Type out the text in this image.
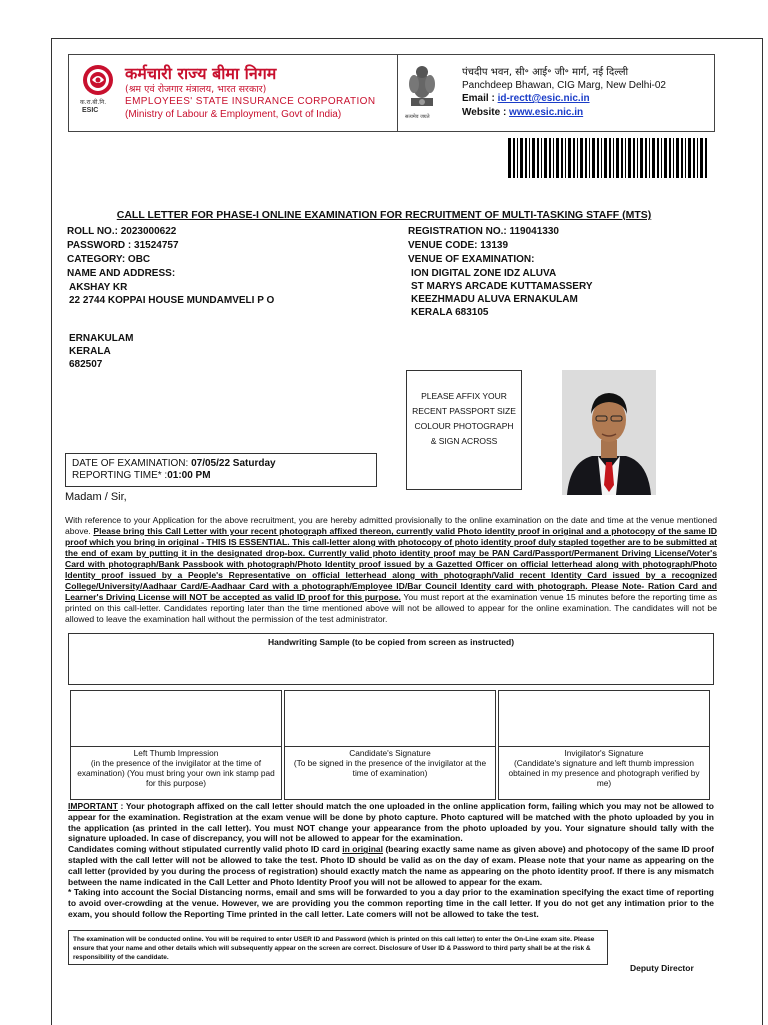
क.रा.बी.नि.
ESIC
कर्मचारी राज्य बीमा निगम
(श्रम एवं रोजगार मंत्रालय, भारत सरकार)
EMPLOYEES' STATE INSURANCE CORPORATION
(Ministry of Labour & Employment, Govt of India)	सत्यमेव जयते
पंचदीप भवन, सी॰ आई॰ जी॰ मार्ग, नई दिल्ली
Panchdeep Bhawan, CIG Marg, New Delhi-02
Email : id-rectt@esic.nic.in
Website : www.esic.nic.in
CALL LETTER FOR PHASE-I ONLINE EXAMINATION FOR RECRUITMENT OF MULTI-TASKING STAFF (MTS)
ROLL NO.: 2023000622
PASSWORD : 31524757
CATEGORY: OBC
NAME AND ADDRESS:
AKSHAY KR
22 2744 KOPPAI HOUSE MUNDAMVELI P O
ERNAKULAM
KERALA
682507
REGISTRATION NO.: 119041330
VENUE CODE: 13139
VENUE OF EXAMINATION:
ION DIGITAL ZONE IDZ ALUVA
ST MARYS ARCADE KUTTAMASSERY
KEEZHMADU ALUVA ERNAKULAM
KERALA 683105
PLEASE AFFIX YOUR
RECENT PASSPORT SIZE
COLOUR PHOTOGRAPH
& SIGN ACROSS
DATE OF EXAMINATION: 07/05/22 Saturday
REPORTING TIME* :01:00 PM
Madam / Sir,
With reference to your Application for the above recruitment, you are hereby admitted provisionally to the online examination on the date and time at the venue mentioned above. Please bring this Call Letter with your recent photograph affixed thereon, currently valid Photo identity proof in original and a photocopy of the same ID proof which you bring in original - THIS IS ESSENTIAL. This call-letter along with photocopy of photo identity proof duly stapled together are to be submitted at the end of exam by putting it in the designated drop-box. Currently valid photo identity proof may be PAN Card/Passport/Permanent Driving License/Voter's Card with photograph/Bank Passbook with photograph/Photo Identity proof issued by a Gazetted Officer on official letterhead along with photograph/Photo Identity proof issued by a People's Representative on official letterhead along with photograph/Valid recent Identity Card issued by a recognized College/University/Aadhaar Card/E-Aadhaar Card with a photograph/Employee ID/Bar Council Identity card with photograph. Please Note- Ration Card and Learner's Driving License will NOT be accepted as valid ID proof for this purpose. You must report at the examination venue 15 minutes before the reporting time as printed on this call-letter. Candidates reporting later than the time mentioned above will not be allowed to appear for the online examination. The candidates will not be allowed to leave the examination hall without the permission of the test administrator.
Handwriting Sample (to be copied from screen as instructed)
Left Thumb Impression
(in the presence of the invigilator at the time of examination) (You must bring your own ink stamp pad for this purpose)
Candidate's Signature
(To be signed in the presence of the invigilator at the time of examination)
Invigilator's Signature
(Candidate's signature and left thumb impression obtained in my presence and photograph verified by me)
IMPORTANT : Your photograph affixed on the call letter should match the one uploaded in the online application form, failing which you may not be allowed to appear for the examination. Registration at the exam venue will be done by photo capture. Photo captured will be matched with the photo uploaded by you in the application (as printed in the call letter). You must NOT change your appearance from the photo uploaded by you. Your signature should tally with the signature uploaded. In case of discrepancy, you will not be allowed to appear for the examination.
Candidates coming without stipulated currently valid photo ID card in original (bearing exactly same name as given above) and photocopy of the same ID proof stapled with the call letter will not be allowed to take the test. Photo ID should be valid as on the day of exam. Please note that your name as appearing on the call letter (provided by you during the process of registration) should exactly match the name as appearing on the photo identity proof. If there is any mismatch between the name indicated in the Call Letter and Photo Identity Proof you will not be allowed to appear for the exam.
* Taking into account the Social Distancing norms, email and sms will be forwarded to you a day prior to the examination specifying the exact time of reporting to avoid over-crowding at the venue. However, we are providing you the common reporting time in the call letter. If you do not get any intimation prior to the exam, you should follow the Reporting Time printed in the call letter. Late comers will not be allowed to take the test.
The examination will be conducted online. You will be required to enter USER ID and Password (which is printed on this call letter) to enter the On-Line exam site. Please ensure that your name and other details which will subsequently appear on the screen are correct. Disclosure of User ID & Password to third party shall be at the risk & responsibility of the candidate.
Deputy Director
